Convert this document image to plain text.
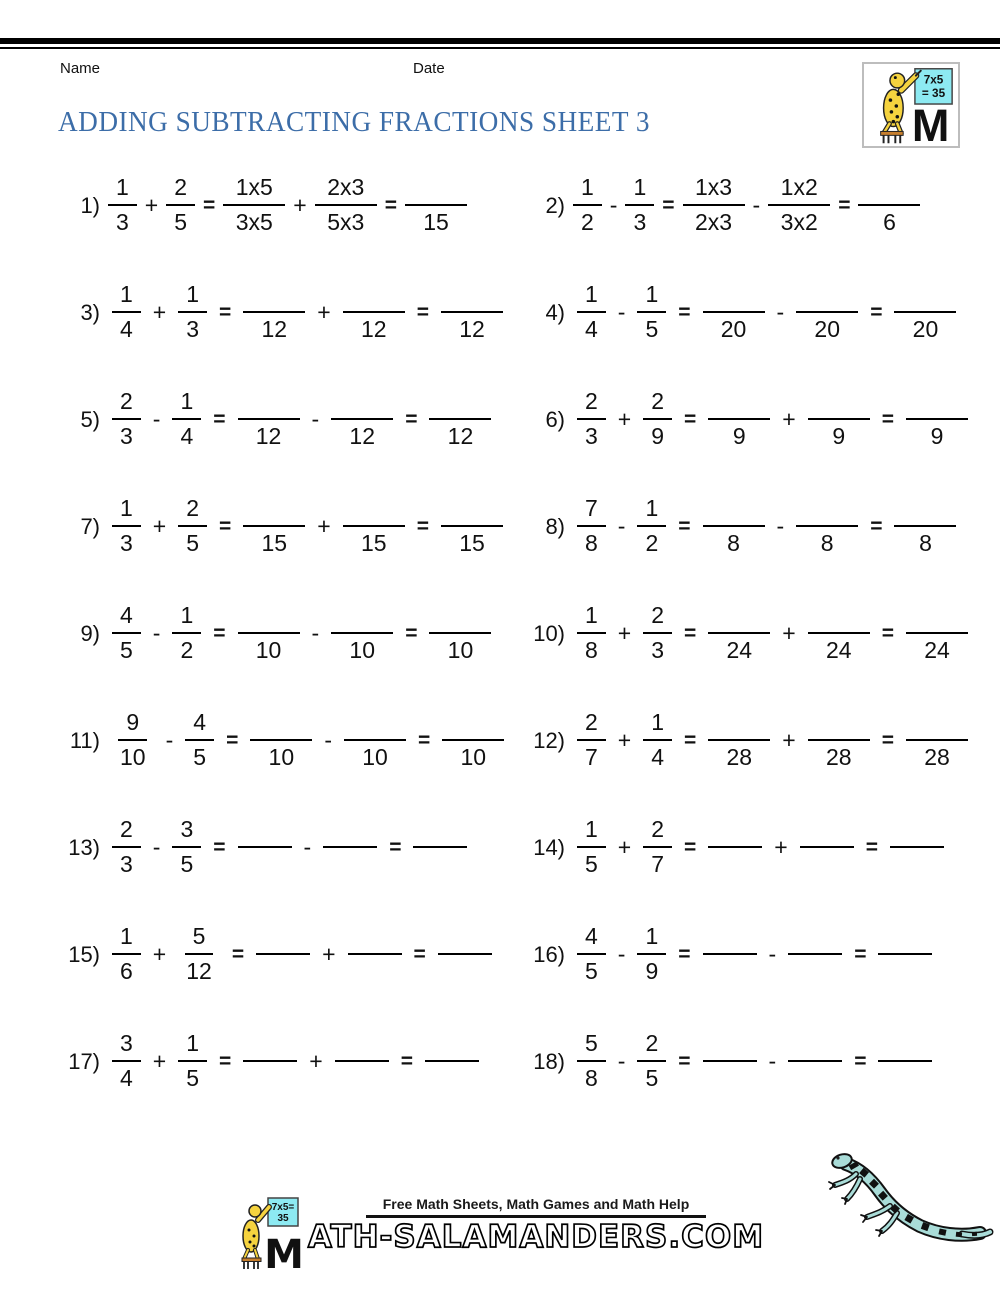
Name	Date
ADDING SUBTRACTING FRACTIONS SHEET 3
7x5
= 35
M
$1) \frac{1}{3} + \frac{2}{5} = \frac{1x5}{3x5} + \frac{2x3}{5x3}$ =
15
$2) \frac{1}{2} - \frac{1}{3} = \frac{1x3}{2x3} - \frac{1x2}{3x2}$ =
6
$3) \frac{1}{4} + \frac{1}{3}$ =
12
+
12
=
12
$4) \frac{1}{4} - \frac{1}{5}$ =
20
-
20
=
20
$5) \frac{2}{3} - \frac{1}{4}$ =
12
-
12
=
12
$6) \frac{2}{3} + \frac{2}{9}$ =
9
+
9
=
9
$7) \frac{1}{3} + \frac{2}{5}$ =
15
+
15
=
15
$8) \frac{7}{8} - \frac{1}{2}$ =
8
-
8
=
8
$9) \frac{4}{5} - \frac{1}{2}$ =
10
-
10
=
10
$10) \frac{1}{8} + \frac{2}{3}$ =
24
+
24
=
24
$11) \frac{9}{10} - \frac{4}{5}$ =
10
-
10
=
10
$12) \frac{2}{7} + \frac{1}{4}$ =
28
+
28
=
28
$13) \frac{2}{3} - \frac{3}{5}$ =	-	=	$14) \frac{1}{5} + \frac{2}{7}$ =	+	=
$15) \frac{1}{6} + \frac{5}{12}$ =	+	=	$16) \frac{4}{5} - \frac{1}{9}$ =	-	=
$17) \frac{3}{4} + \frac{1}{5}$ =	+	=	$18) \frac{5}{8} - \frac{2}{5}$ =	-	=
7x5=
35
M
Free Math Sheets, Math Games and Math Help
ATH-SALAMANDERS.COM
